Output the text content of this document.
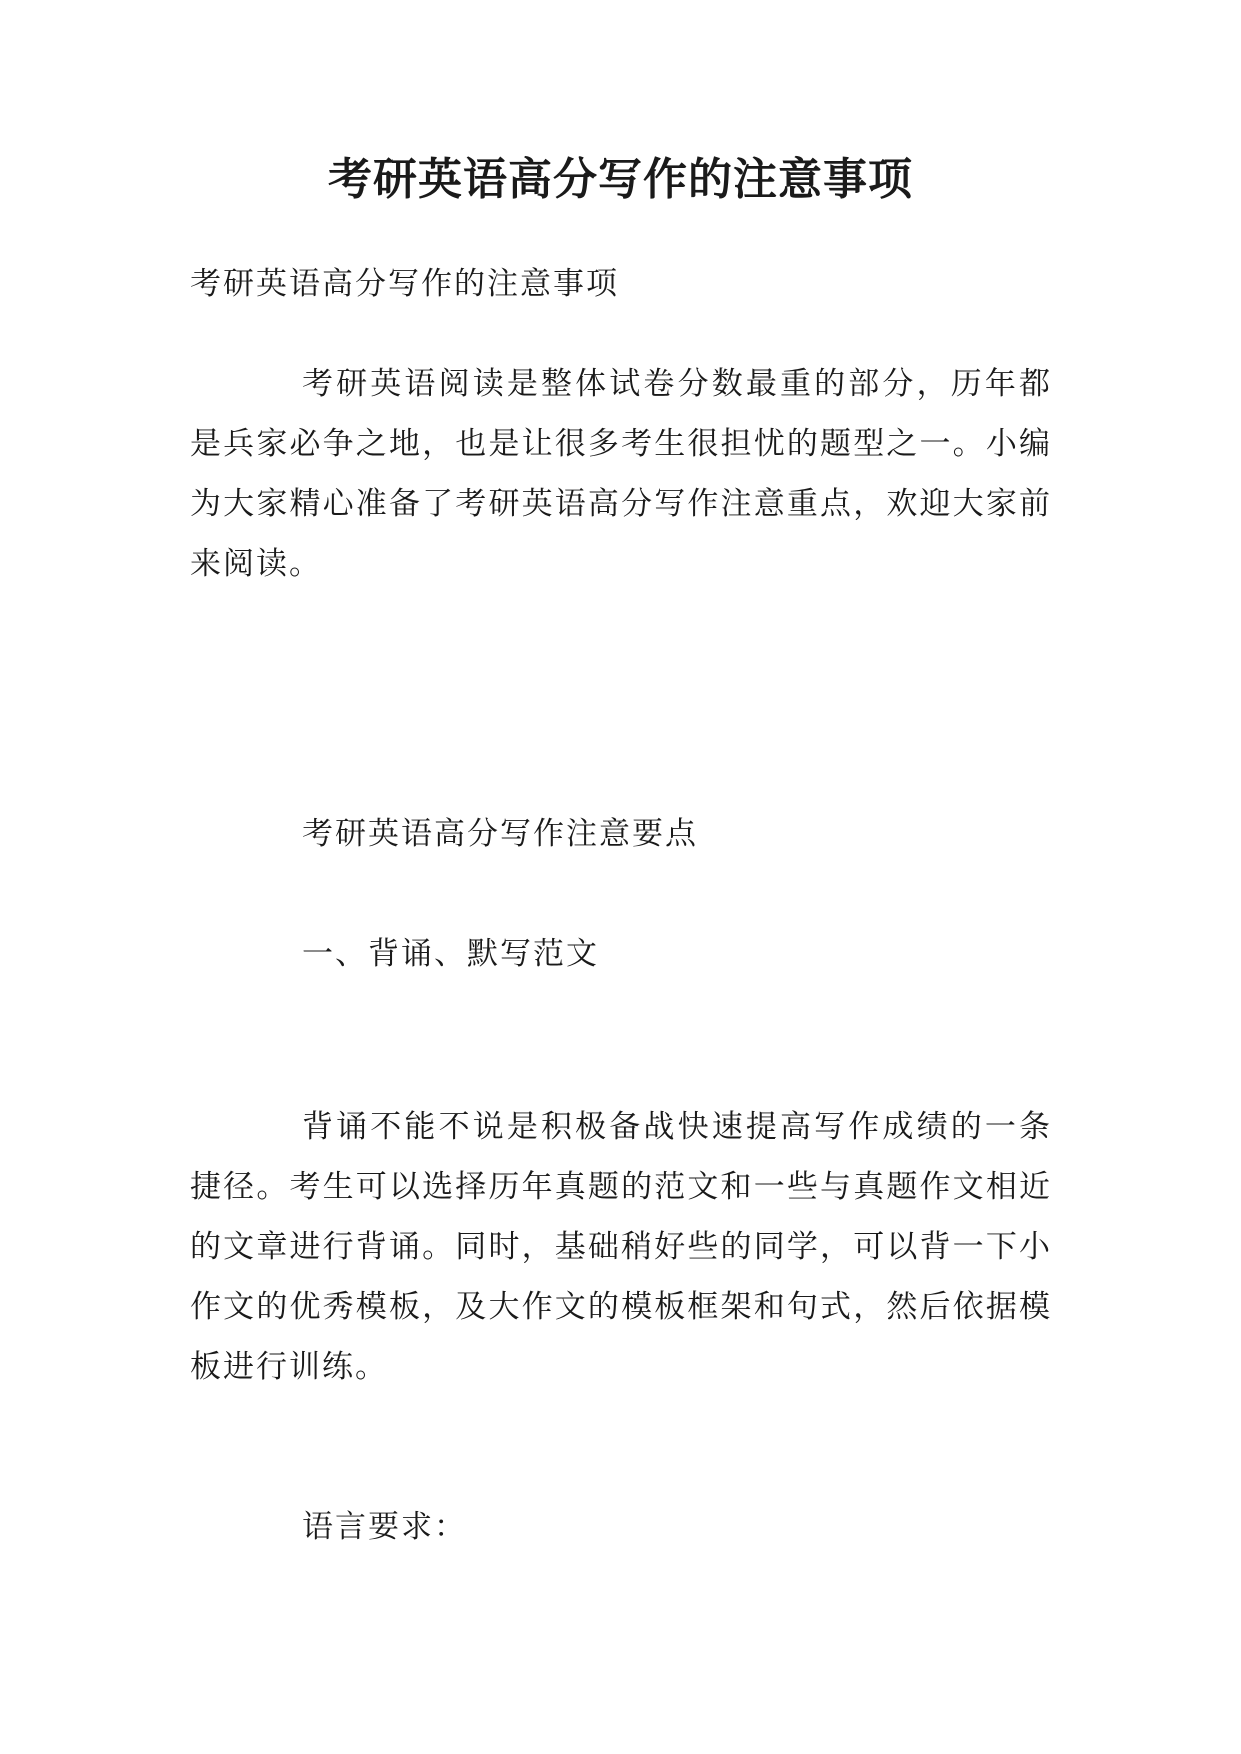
考研英语高分写作的注意事项

考研英语高分写作的注意事项

考研英语阅读是整体试卷分数最重的部分，历年都是兵家必争之地，也是让很多考生很担忧的题型之一。小编为大家精心准备了考研英语高分写作注意重点，欢迎大家前来阅读。

考研英语高分写作注意要点

一、背诵、默写范文

背诵不能不说是积极备战快速提高写作成绩的一条捷径。考生可以选择历年真题的范文和一些与真题作文相近的文章进行背诵。同时，基础稍好些的同学，可以背一下小作文的优秀模板，及大作文的模板框架和句式，然后依据模板进行训练。

语言要求：
